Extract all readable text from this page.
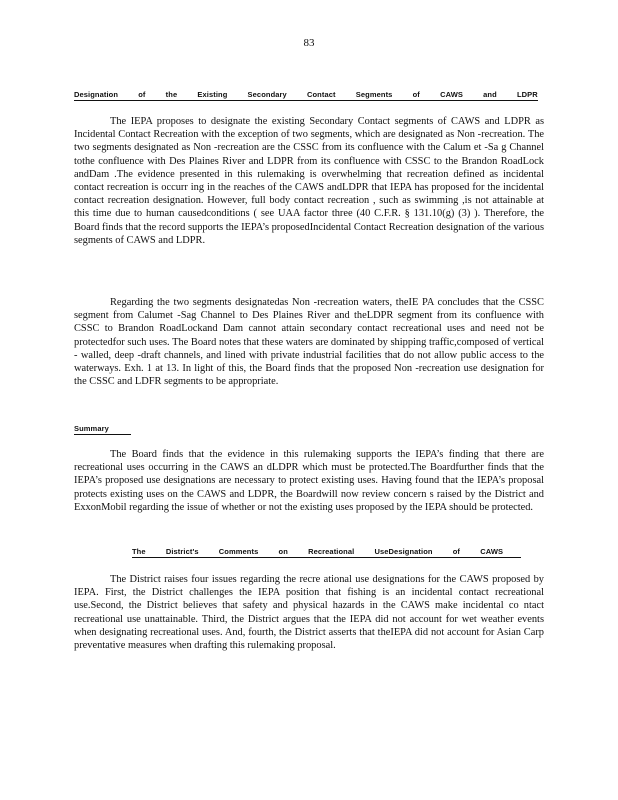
83
Designation of the Existing Secondary Contact Segments of CAWS and LDPR

The IEPA proposes to designate the existing Secondary Contact segments of CAWS and LDPR as Incidental Contact Recreation with the exception of two segments, which are designated as Non -recreation. The two segments designated as Non -recreation are the CSSC from its confluence with the Calum et -Sa g Channel tothe confluence with Des Plaines River and LDPR from its confluence with CSSC to the Brandon RoadLock andDam .The evidence presented in this rulemaking is overwhelming that recreation defined as incidental contact recreation is occurr ing in the reaches of the CAWS andLDPR that IEPA has proposed for the incidental contact recreation designation. However, full body contact recreation , such as swimming ,is not attainable at this time due to human causedconditions ( see UAA factor three (40 C.F.R. § 131.10(g) (3) ). Therefore, the Board finds that the record supports the IEPA’s proposedIncidental Contact Recreation designation of the various segments of CAWS and LDPR.

Regarding the two segments designatedas Non -recreation waters, theIE PA concludes that the CSSC segment from Calumet -Sag Channel to Des Plaines River and theLDPR segment from its confluence with CSSC to Brandon RoadLockand Dam cannot attain secondary contact recreational uses and need not be protectedfor such uses. The Board notes that these waters are dominated by shipping traffic,composed of vertical - walled, deep -draft channels, and lined with private industrial facilities that do not allow public access to the waterways. Exh. 1 at 13. In light of this, the Board finds that the proposed Non -recreation use designation for the CSSC and LDFR segments to be appropriate.

Summary

The Board finds that the evidence in this rulemaking supports the IEPA’s finding that there are recreational uses occurring in the CAWS an dLDPR which must be protected.The Boardfurther finds that the IEPA’s proposed use designations are necessary to protect existing uses. Having found that the IEPA’s proposal protects existing uses on the CAWS and LDPR, the Boardwill now review concern s raised by the District and ExxonMobil regarding the issue of whether or not the existing uses proposed by the IEPA should be protected.

The District's Comments on Recreational UseDesignation of CAWS

The District raises four issues regarding the recre ational use designations for the CAWS proposed by IEPA. First, the District challenges the IEPA position that fishing is an incidental contact recreational use.Second, the District believes that safety and physical hazards in the CAWS make incidental co ntact recreational use unattainable. Third, the District argues that the IEPA did not account for wet weather events when designating recreational uses. And, fourth, the District asserts that theIEPA did not account for Asian Carp preventative measures when drafting this rulemaking proposal.
